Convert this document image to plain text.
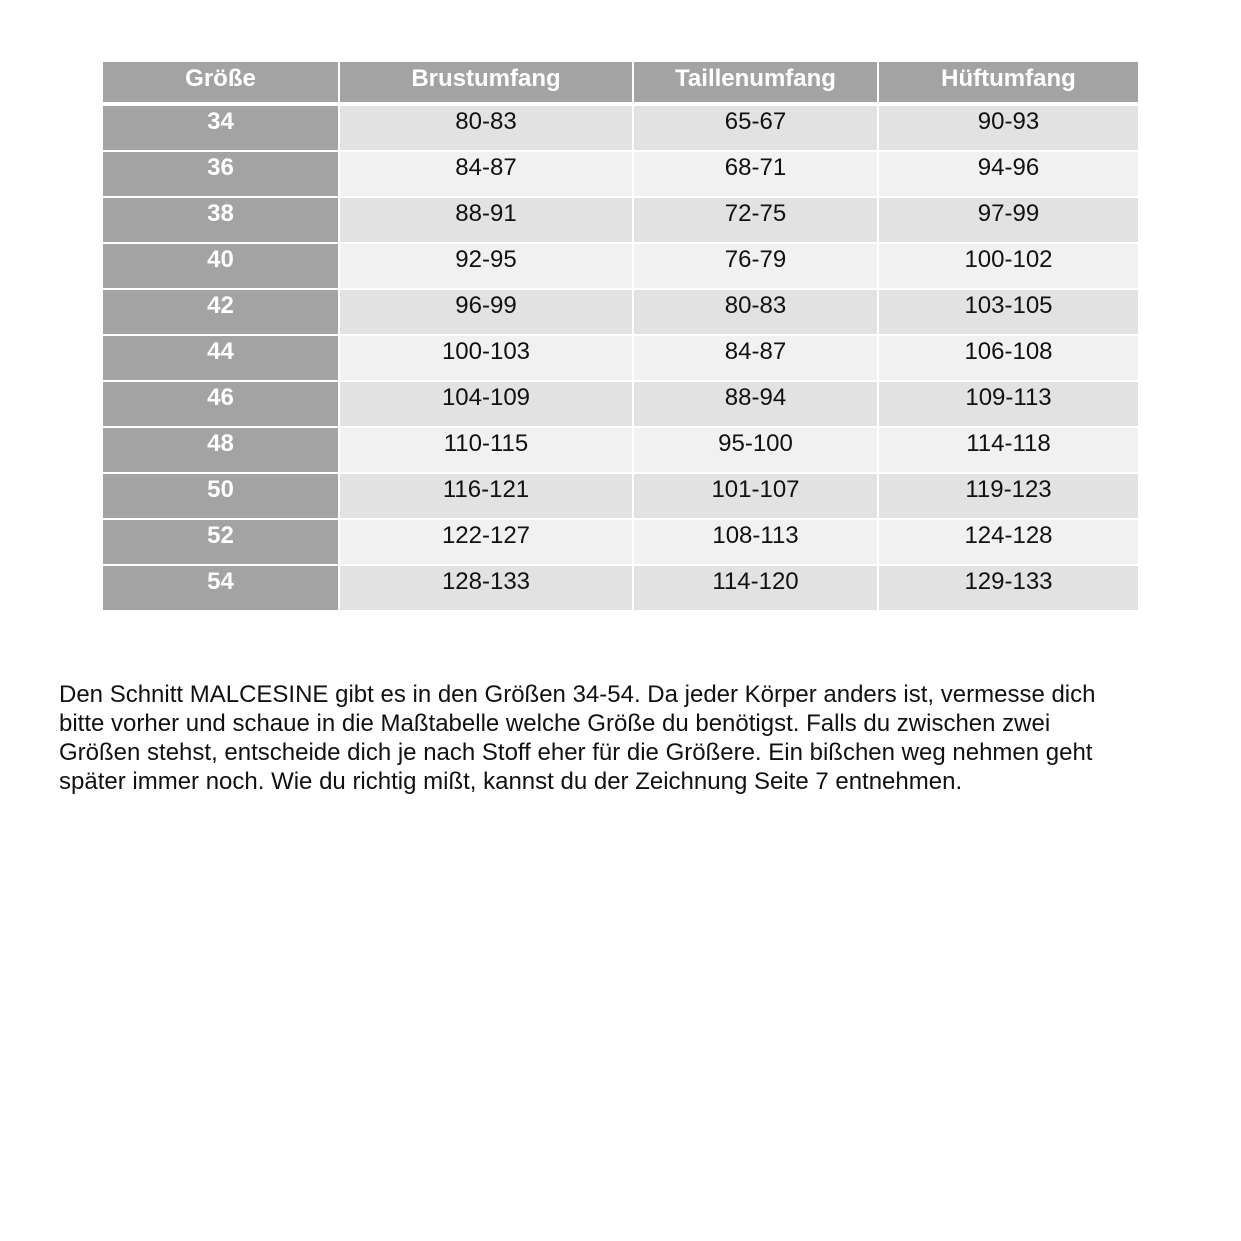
Größe	Brustumfang	Taillenumfang	Hüftumfang
34	80-83	65-67	90-93
36	84-87	68-71	94-96
38	88-91	72-75	97-99
40	92-95	76-79	100-102
42	96-99	80-83	103-105
44	100-103	84-87	106-108
46	104-109	88-94	109-113
48	110-115	95-100	114-118
50	116-121	101-107	119-123
52	122-127	108-113	124-128
54	128-133	114-120	129-133

Den Schnitt MALCESINE gibt es in den Größen 34-54. Da jeder Körper anders ist, vermesse dich
bitte vorher und schaue in die Maßtabelle welche Größe du benötigst. Falls du zwischen zwei
Größen stehst, entscheide dich je nach Stoff eher für die Größere. Ein bißchen weg nehmen geht
später immer noch. Wie du richtig mißt, kannst du der Zeichnung Seite 7 entnehmen.
